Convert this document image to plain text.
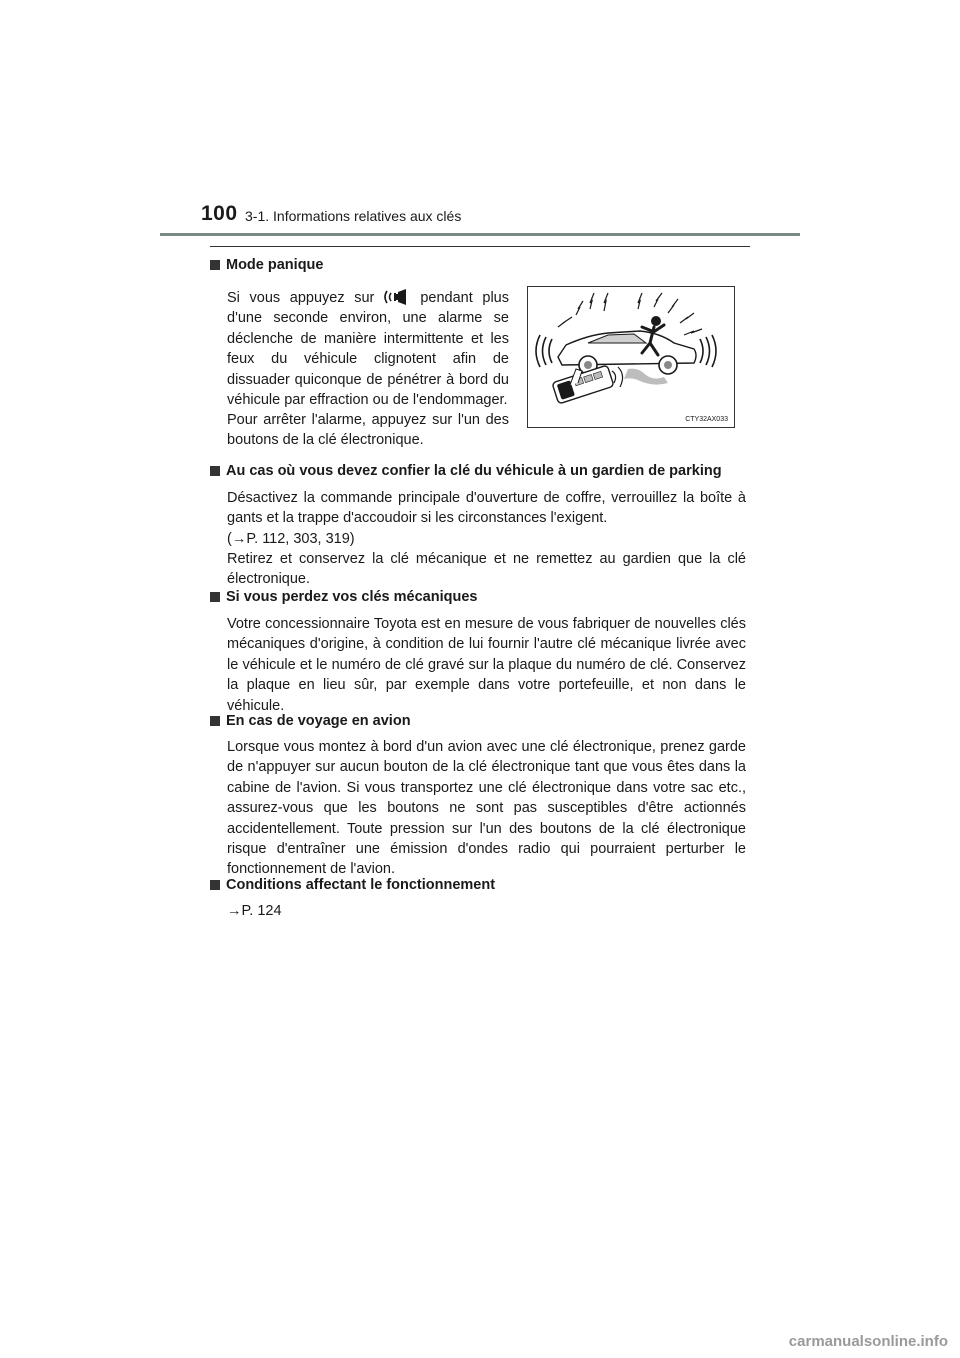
100 3-1. Informations relatives aux clés
Mode panique
Si vous appuyez sur	pendant plus d'une seconde environ, une alarme se déclenche de manière intermittente et les feux du véhicule clignotent afin de dissuader quiconque de pénétrer à bord du véhicule par effraction ou de l'endommager.
Pour arrêter l'alarme, appuyez sur l'un des boutons de la clé électronique.
CTY32AX033
Au cas où vous devez confier la clé du véhicule à un gardien de parking
Désactivez la commande principale d'ouverture de coffre, verrouillez la boîte à gants et la trappe d'accoudoir si les circonstances l'exigent.
(→P. 112, 303, 319)
Retirez et conservez la clé mécanique et ne remettez au gardien que la clé électronique.
Si vous perdez vos clés mécaniques
Votre concessionnaire Toyota est en mesure de vous fabriquer de nouvelles clés mécaniques d'origine, à condition de lui fournir l'autre clé mécanique livrée avec le véhicule et le numéro de clé gravé sur la plaque du numéro de clé. Conservez la plaque en lieu sûr, par exemple dans votre portefeuille, et non dans le véhicule.
En cas de voyage en avion
Lorsque vous montez à bord d'un avion avec une clé électronique, prenez garde de n'appuyer sur aucun bouton de la clé électronique tant que vous êtes dans la cabine de l'avion. Si vous transportez une clé électronique dans votre sac etc., assurez-vous que les boutons ne sont pas susceptibles d'être actionnés accidentellement. Toute pression sur l'un des boutons de la clé électronique risque d'entraîner une émission d'ondes radio qui pourraient perturber le fonctionnement de l'avion.
Conditions affectant le fonctionnement
→P. 124
carmanualsonline.info
